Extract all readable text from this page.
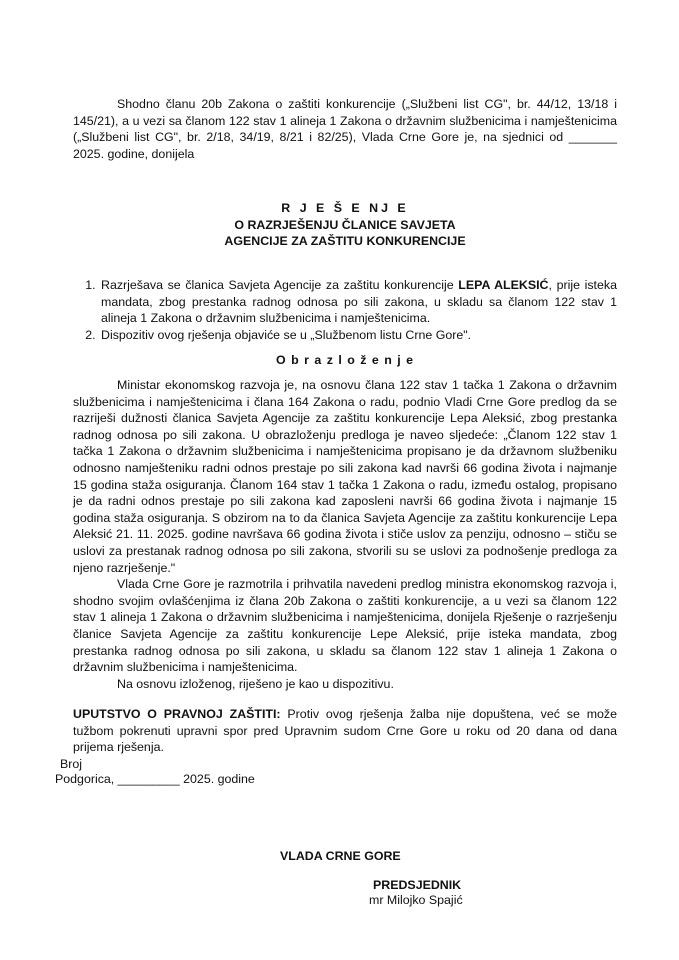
Shodno članu 20b Zakona o zaštiti konkurencije („Službeni list CG", br. 44/12, 13/18 i 145/21), a u vezi sa članom 122 stav 1 alineja 1 Zakona o državnim službenicima i namještenicima („Službeni list CG", br. 2/18, 34/19, 8/21 i 82/25), Vlada Crne Gore je, na sjednici od _______ 2025. godine, donijela
R J E Š E NJ E
O RAZRJEŠENJU ČLANICE SAVJETA
AGENCIJE ZA ZAŠTITU KONKURENCIJE
1. Razrješava se članica Savjeta Agencije za zaštitu konkurencije LEPA ALEKSIĆ, prije isteka mandata, zbog prestanka radnog odnosa po sili zakona, u skladu sa članom 122 stav 1 alineja 1 Zakona o državnim službenicima i namještenicima.
2. Dispozitiv ovog rješenja objaviće se u „Službenom listu Crne Gore".
O b r a z l o ž e n j e

Ministar ekonomskog razvoja je, na osnovu člana 122 stav 1 tačka 1 Zakona o državnim službenicima i namještenicima i člana 164 Zakona o radu, podnio Vladi Crne Gore predlog da se razriješi dužnosti članica Savjeta Agencije za zaštitu konkurencije Lepa Aleksić, zbog prestanka radnog odnosa po sili zakona. U obrazloženju predloga je naveo sljedeće: „Članom 122 stav 1 tačka 1 Zakona o državnim službenicima i namještenicima propisano je da državnom službeniku odnosno namješteniku radni odnos prestaje po sili zakona kad navrši 66 godina života i najmanje 15 godina staža osiguranja. Članom 164 stav 1 tačka 1 Zakona o radu, između ostalog, propisano je da radni odnos prestaje po sili zakona kad zaposleni navrši 66 godina života i najmanje 15 godina staža osiguranja. S obzirom na to da članica Savjeta Agencije za zaštitu konkurencije Lepa Aleksić 21. 11. 2025. godine navršava 66 godina života i stiče uslov za penziju, odnosno – stiču se uslovi za prestanak radnog odnosa po sili zakona, stvorili su se uslovi za podnošenje predloga za njeno razrješenje."

Vlada Crne Gore je razmotrila i prihvatila navedeni predlog ministra ekonomskog razvoja i, shodno svojim ovlašćenjima iz člana 20b Zakona o zaštiti konkurencije, a u vezi sa članom 122 stav 1 alineja 1 Zakona o državnim službenicima i namještenicima, donijela Rješenje o razrješenju članice Savjeta Agencije za zaštitu konkurencije Lepe Aleksić, prije isteka mandata, zbog prestanka radnog odnosa po sili zakona, u skladu sa članom 122 stav 1 alineja 1 Zakona o državnim službenicima i namještenicima.

Na osnovu izloženog, riješeno je kao u dispozitivu.

UPUTSTVO O PRAVNOJ ZAŠTITI: Protiv ovog rješenja žalba nije dopuštena, već se može tužbom pokrenuti upravni spor pred Upravnim sudom Crne Gore u roku od 20 dana od dana prijema rješenja.
Broj
Podgorica, _________ 2025. godine
VLADA CRNE GORE
PREDSJEDNIK
mr Milojko Spajić
